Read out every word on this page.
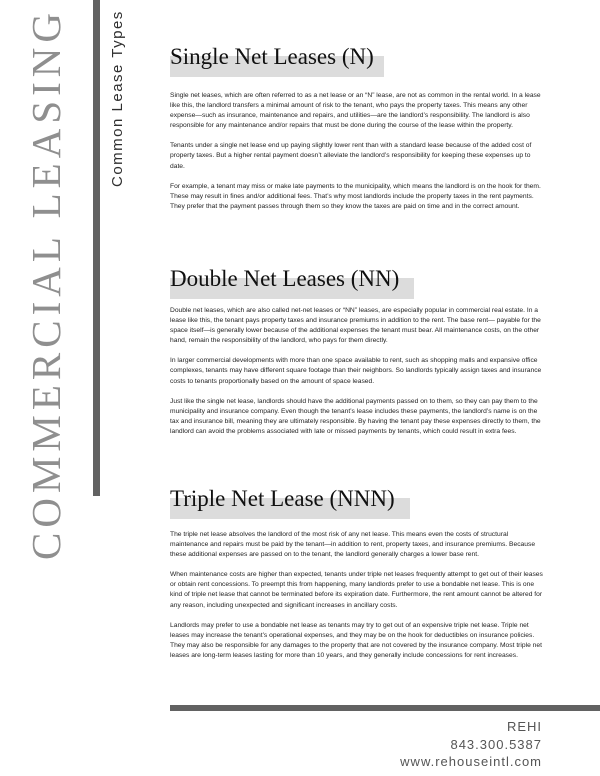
COMMERCIAL LEASING	Common Lease Types Single Net Leases (N)

Single net leases, which are often referred to as a net lease or an “N” lease, are not as common in the rental world. In a lease like this, the landlord transfers a minimal amount of risk to the tenant, who pays the property taxes. This means any other expense—such as insurance, maintenance and repairs, and utilities—are the landlord’s responsibility. The landlord is also responsible for any maintenance and/or repairs that must be done during the course of the lease within the property.

Tenants under a single net lease end up paying slightly lower rent than with a standard lease because of the added cost of property taxes. But a higher rental payment doesn’t alleviate the landlord’s responsibility for keeping these expenses up to date.

For example, a tenant may miss or make late payments to the municipality, which means the landlord is on the hook for them. These may result in fines and/or additional fees. That’s why most landlords include the property taxes in the rent payments. They prefer that the payment passes through them so they know the taxes are paid on time and in the correct amount.

Double Net Leases (NN)

Double net leases, which are also called net-net leases or “NN” leases, are especially popular in commercial real estate. In a lease like this, the tenant pays property taxes and insurance premiums in addition to the rent. The base rent— payable for the space itself—is generally lower because of the additional expenses the tenant must bear. All maintenance costs, on the other hand, remain the responsibility of the landlord, who pays for them directly.

In larger commercial developments with more than one space available to rent, such as shopping malls and expansive office complexes, tenants may have different square footage than their neighbors. So landlords typically assign taxes and insurance costs to tenants proportionally based on the amount of space leased.

Just like the single net lease, landlords should have the additional payments passed on to them, so they can pay them to the municipality and insurance company. Even though the tenant’s lease includes these payments, the landlord’s name is on the tax and insurance bill, meaning they are ultimately responsible. By having the tenant pay these expenses directly to them, the landlord can avoid the problems associated with late or missed payments by tenants, which could result in extra fees.

Triple Net Lease (NNN)

The triple net lease absolves the landlord of the most risk of any net lease. This means even the costs of structural maintenance and repairs must be paid by the tenant—in addition to rent, property taxes, and insurance premiums. Because these additional expenses are passed on to the tenant, the landlord generally charges a lower base rent.

When maintenance costs are higher than expected, tenants under triple net leases frequently attempt to get out of their leases or obtain rent concessions. To preempt this from happening, many landlords prefer to use a bondable net lease. This is one kind of triple net lease that cannot be terminated before its expiration date. Furthermore, the rent amount cannot be altered for any reason, including unexpected and significant increases in ancillary costs.

Landlords may prefer to use a bondable net lease as tenants may try to get out of an expensive triple net lease. Triple net leases may increase the tenant’s operational expenses, and they may be on the hook for deductibles on insurance policies. They may also be responsible for any damages to the property that are not covered by the insurance company. Most triple net leases are long-term leases lasting for more than 10 years, and they generally include concessions for rent increases.

REHI
843.300.5387
www.rehouseintl.com
